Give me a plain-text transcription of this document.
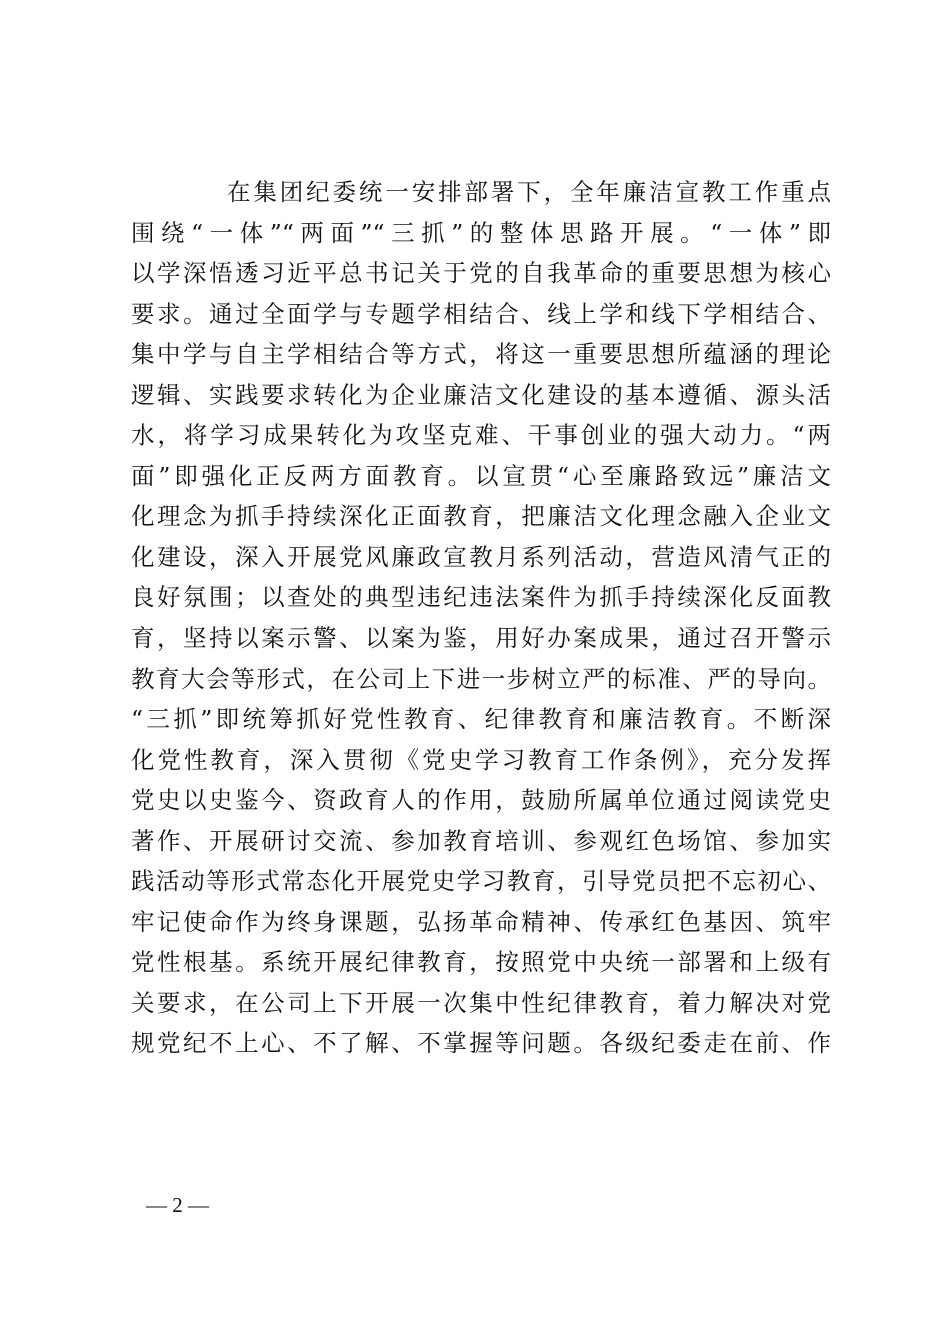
在集团纪委统一安排部署下，全年廉洁宣教工作重点
围绕“一体”“两面”“三抓”的整体思路开展。“一体”即
以学深悟透习近平总书记关于党的自我革命的重要思想为核心
要求。通过全面学与专题学相结合、线上学和线下学相结合、
集中学与自主学相结合等方式，将这一重要思想所蕴涵的理论
逻辑、实践要求转化为企业廉洁文化建设的基本遵循、源头活
水，将学习成果转化为攻坚克难、干事创业的强大动力。“两
面”即强化正反两方面教育。以宣贯“心至廉路致远”廉洁文
化理念为抓手持续深化正面教育，把廉洁文化理念融入企业文
化建设，深入开展党风廉政宣教月系列活动，营造风清气正的
良好氛围；以查处的典型违纪违法案件为抓手持续深化反面教
育，坚持以案示警、以案为鉴，用好办案成果，通过召开警示
教育大会等形式，在公司上下进一步树立严的标准、严的导向。
“三抓”即统筹抓好党性教育、纪律教育和廉洁教育。不断深
化党性教育，深入贯彻《党史学习教育工作条例》，充分发挥
党史以史鉴今、资政育人的作用，鼓励所属单位通过阅读党史
著作、开展研讨交流、参加教育培训、参观红色场馆、参加实
践活动等形式常态化开展党史学习教育，引导党员把不忘初心、
牢记使命作为终身课题，弘扬革命精神、传承红色基因、筑牢
党性根基。系统开展纪律教育，按照党中央统一部署和上级有
关要求，在公司上下开展一次集中性纪律教育，着力解决对党
规党纪不上心、不了解、不掌握等问题。各级纪委走在前、作
— 2 —
